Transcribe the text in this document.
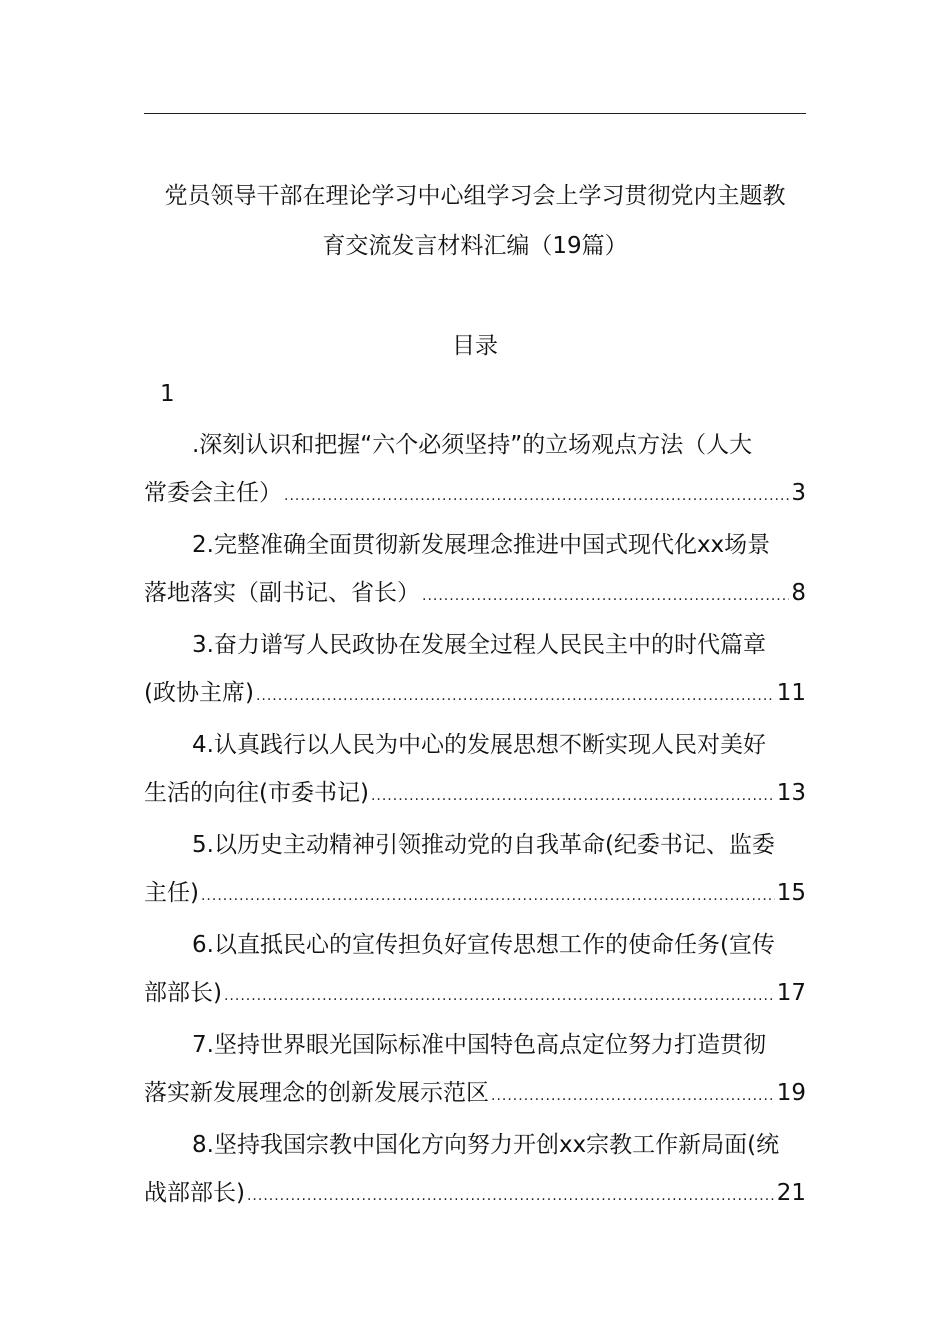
党员领导干部在理论学习中心组学习会上学习贯彻党内主题教
育交流发言材料汇编（19篇）
目录
1
.深刻认识和把握“六个必须坚持”的立场观点方法（人大
常委会主任） .....	3
2.完整准确全面贯彻新发展理念推进中国式现代化xx场景
落地落实（副书记、省长） .....	8
3.奋力谱写人民政协在发展全过程人民民主中的时代篇章
(政协主席) .....	11
4.认真践行以人民为中心的发展思想不断实现人民对美好
生活的向往(市委书记) .....	13
5.以历史主动精神引领推动党的自我革命(纪委书记、监委
主任) .....	15
6.以直抵民心的宣传担负好宣传思想工作的使命任务(宣传
部部长) .....	17
7.坚持世界眼光国际标准中国特色高点定位努力打造贯彻
落实新发展理念的创新发展示范区 .....	19
8.坚持我国宗教中国化方向努力开创xx宗教工作新局面(统
战部部长) .....	21
